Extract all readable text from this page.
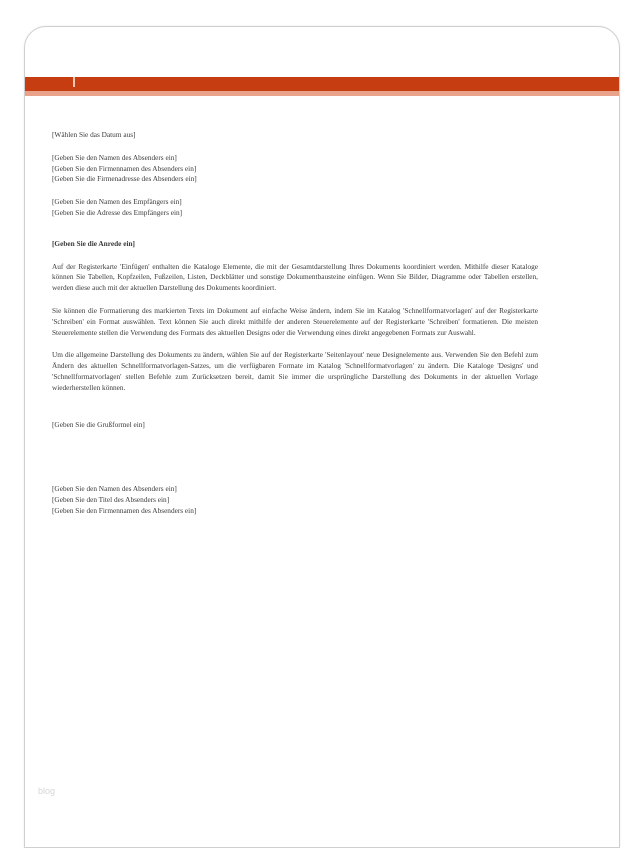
[Wählen Sie das Datum aus]
[Geben Sie den Namen des Absenders ein]
[Geben Sie den Firmennamen des Absenders ein]
[Geben Sie die Firmenadresse des Absenders ein]
[Geben Sie den Namen des Empfängers ein]
[Geben Sie die Adresse des Empfängers ein]
[Geben Sie die Anrede ein]

Auf der Registerkarte 'Einfügen' enthalten die Kataloge Elemente, die mit der Gesamtdarstellung Ihres Dokuments koordiniert werden. Mithilfe dieser Kataloge können Sie Tabellen, Kopfzeilen, Fußzeilen, Listen, Deckblätter und sonstige Dokumentbausteine einfügen. Wenn Sie Bilder, Diagramme oder Tabellen erstellen, werden diese auch mit der aktuellen Darstellung des Dokuments koordiniert.

Sie können die Formatierung des markierten Texts im Dokument auf einfache Weise ändern, indem Sie im Katalog 'Schnellformatvorlagen' auf der Registerkarte 'Schreiben' ein Format auswählen. Text können Sie auch direkt mithilfe der anderen Steuerelemente auf der Registerkarte 'Schreiben' formatieren. Die meisten Steuerelemente stellen die Verwendung des Formats des aktuellen Designs oder die Verwendung eines direkt angegebenen Formats zur Auswahl.

Um die allgemeine Darstellung des Dokuments zu ändern, wählen Sie auf der Registerkarte 'Seitenlayout' neue Designelemente aus. Verwenden Sie den Befehl zum Ändern des aktuellen Schnellformatvorlagen-Satzes, um die verfügbaren Formate im Katalog 'Schnellformatvorlagen' zu ändern. Die Kataloge 'Designs' und 'Schnellformatvorlagen' stellen Befehle zum Zurücksetzen bereit, damit Sie immer die ursprüngliche Darstellung des Dokuments in der aktuellen Vorlage wiederherstellen können.

[Geben Sie die Grußformel ein]
[Geben Sie den Namen des Absenders ein]
[Geben Sie den Titel des Absenders ein]
[Geben Sie den Firmennamen des Absenders ein]
blog
